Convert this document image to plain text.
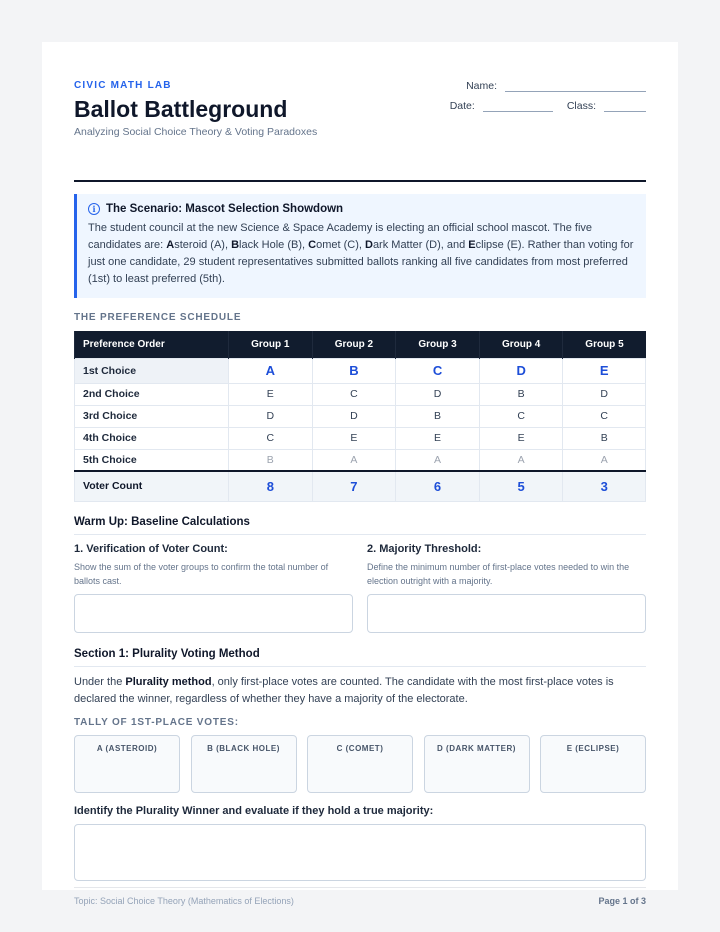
CIVIC MATH LAB
Ballot Battleground
Analyzing Social Choice Theory & Voting Paradoxes
Name:
Date:	Class:
i The Scenario: Mascot Selection Showdown
The student council at the new Science & Space Academy is electing an official school mascot. The five candidates are: Asteroid (A), Black Hole (B), Comet (C), Dark Matter (D), and Eclipse (E). Rather than voting for just one candidate, 29 student representatives submitted ballots ranking all five candidates from most preferred (1st) to least preferred (5th).
THE PREFERENCE SCHEDULE
Preference Order	Group 1	Group 2	Group 3	Group 4	Group 5
1st Choice	A	B	C	D	E
2nd Choice	E	C	D	B	D
3rd Choice	D	D	B	C	C
4th Choice	C	E	E	E	B
5th Choice	B	A	A	A	A
Voter Count	8	7	6	5	3
Warm Up: Baseline Calculations
1. Verification of Voter Count:
Show the sum of the voter groups to confirm the total number of ballots cast.
2. Majority Threshold:
Define the minimum number of first-place votes needed to win the election outright with a majority.
Section 1: Plurality Voting Method
Under the Plurality method, only first-place votes are counted. The candidate with the most first-place votes is declared the winner, regardless of whether they have a majority of the electorate.
TALLY OF 1ST-PLACE VOTES:
A (ASTEROID)	B (BLACK HOLE)	C (COMET)	D (DARK MATTER)	E (ECLIPSE)
Identify the Plurality Winner and evaluate if they hold a true majority:
Topic: Social Choice Theory (Mathematics of Elections)	Page 1 of 3
